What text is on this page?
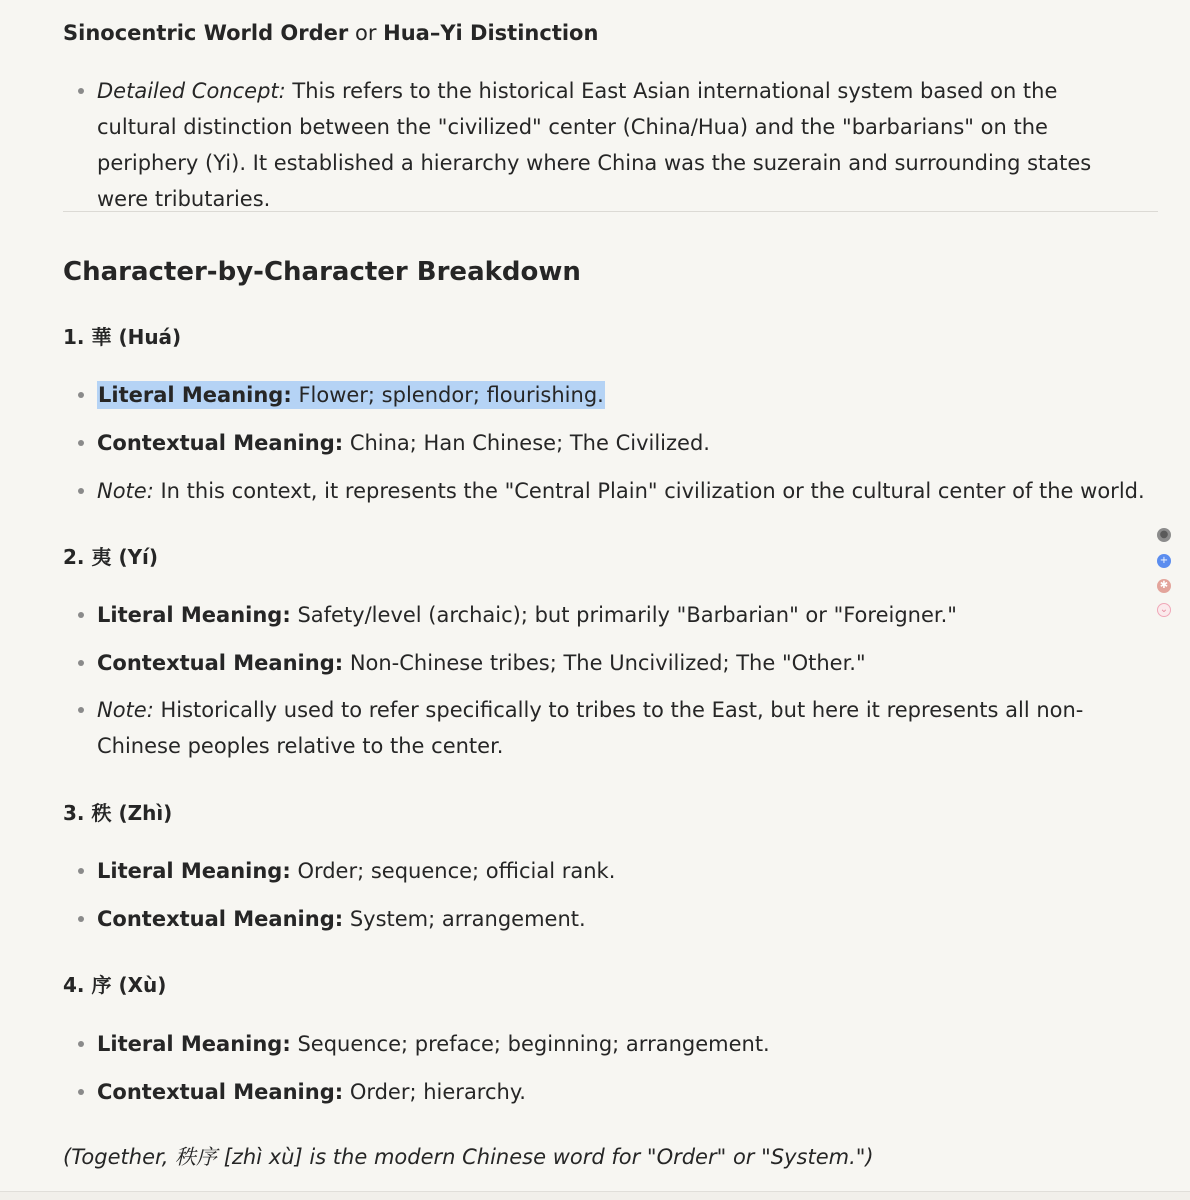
Sinocentric World Order or Hua–Yi Distinction
Detailed Concept: This refers to the historical East Asian international system based on the cultural distinction between the "civilized" center (China/Hua) and the "barbarians" on the periphery (Yi). It established a hierarchy where China was the suzerain and surrounding states were tributaries.
Character-by-Character Breakdown
1. 華 (Huá)
Literal Meaning: Flower; splendor; flourishing.
Contextual Meaning: China; Han Chinese; The Civilized.
Note: In this context, it represents the "Central Plain" civilization or the cultural center of the world.
2. 夷 (Yí)
Literal Meaning: Safety/level (archaic); but primarily "Barbarian" or "Foreigner."
Contextual Meaning: Non-Chinese tribes; The Uncivilized; The "Other."
Note: Historically used to refer specifically to tribes to the East, but here it represents all non-Chinese peoples relative to the center.
3. 秩 (Zhì)
Literal Meaning: Order; sequence; official rank.
Contextual Meaning: System; arrangement.
4. 序 (Xù)
Literal Meaning: Sequence; preface; beginning; arrangement.
Contextual Meaning: Order; hierarchy.

(Together, 秩序 [zhì xù] is the modern Chinese word for "Order" or "System.")

●
+
✱
⌄
